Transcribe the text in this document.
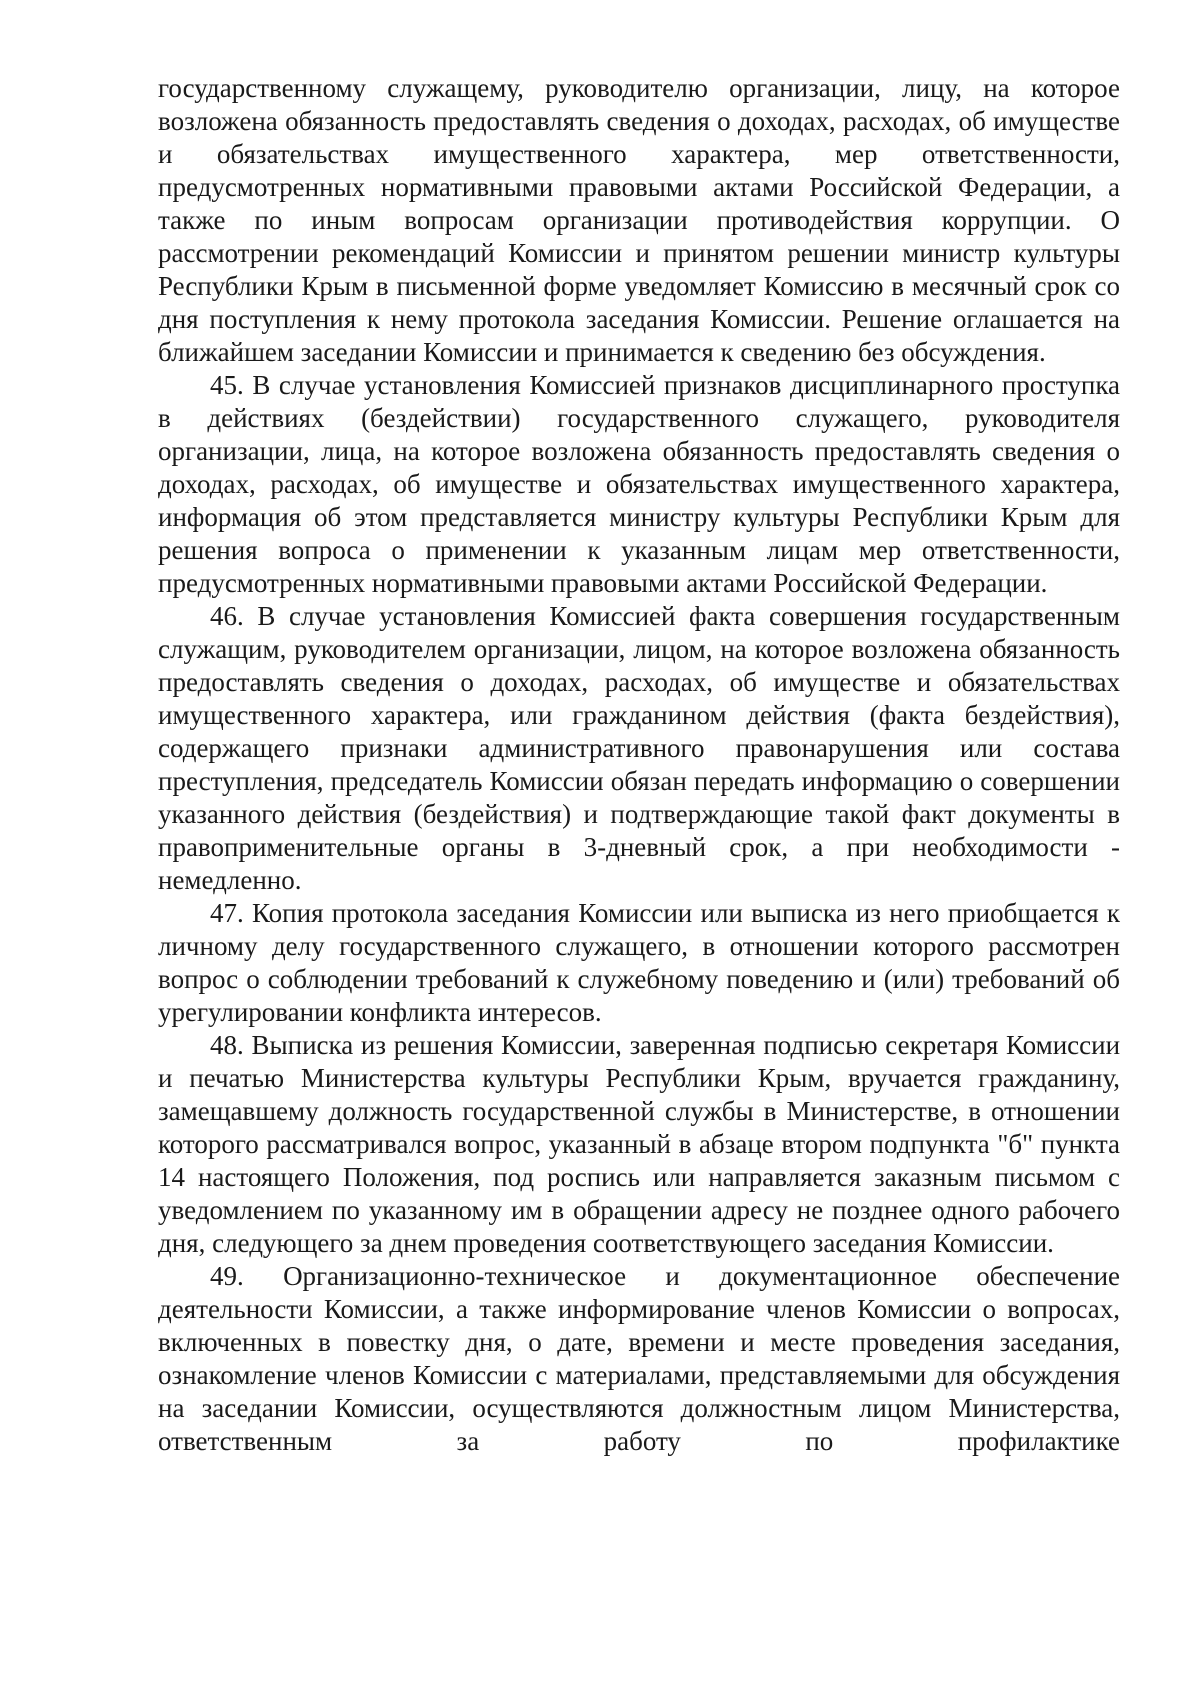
государственному служащему, руководителю организации, лицу, на которое возложена обязанность предоставлять сведения о доходах, расходах, об имуществе и обязательствах имущественного характера, мер ответственности, предусмотренных нормативными правовыми актами Российской Федерации, а также по иным вопросам организации противодействия коррупции. О рассмотрении рекомендаций Комиссии и принятом решении министр культуры Республики Крым в письменной форме уведомляет Комиссию в месячный срок со дня поступления к нему протокола заседания Комиссии. Решение оглашается на ближайшем заседании Комиссии и принимается к сведению без обсуждения.

45. В случае установления Комиссией признаков дисциплинарного проступка в действиях (бездействии) государственного служащего, руководителя организации, лица, на которое возложена обязанность предоставлять сведения о доходах, расходах, об имуществе и обязательствах имущественного характера, информация об этом представляется министру культуры Республики Крым для решения вопроса о применении к указанным лицам мер ответственности, предусмотренных нормативными правовыми актами Российской Федерации.

46. В случае установления Комиссией факта совершения государственным служащим, руководителем организации, лицом, на которое возложена обязанность предоставлять сведения о доходах, расходах, об имуществе и обязательствах имущественного характера, или гражданином действия (факта бездействия), содержащего признаки административного правонарушения или состава преступления, председатель Комиссии обязан передать информацию о совершении указанного действия (бездействия) и подтверждающие такой факт документы в правоприменительные органы в 3-дневный срок, а при необходимости - немедленно.

47. Копия протокола заседания Комиссии или выписка из него приобщается к личному делу государственного служащего, в отношении которого рассмотрен вопрос о соблюдении требований к служебному поведению и (или) требований об урегулировании конфликта интересов.

48. Выписка из решения Комиссии, заверенная подписью секретаря Комиссии и печатью Министерства культуры Республики Крым, вручается гражданину, замещавшему должность государственной службы в Министерстве, в отношении которого рассматривался вопрос, указанный в абзаце втором подпункта "б" пункта 14 настоящего Положения, под роспись или направляется заказным письмом с уведомлением по указанному им в обращении адресу не позднее одного рабочего дня, следующего за днем проведения соответствующего заседания Комиссии.

49. Организационно-техническое и документационное обеспечение деятельности Комиссии, а также информирование членов Комиссии о вопросах, включенных в повестку дня, о дате, времени и месте проведения заседания, ознакомление членов Комиссии с материалами, представляемыми для обсуждения на заседании Комиссии, осуществляются должностным лицом Министерства, ответственным за работу по профилактике
